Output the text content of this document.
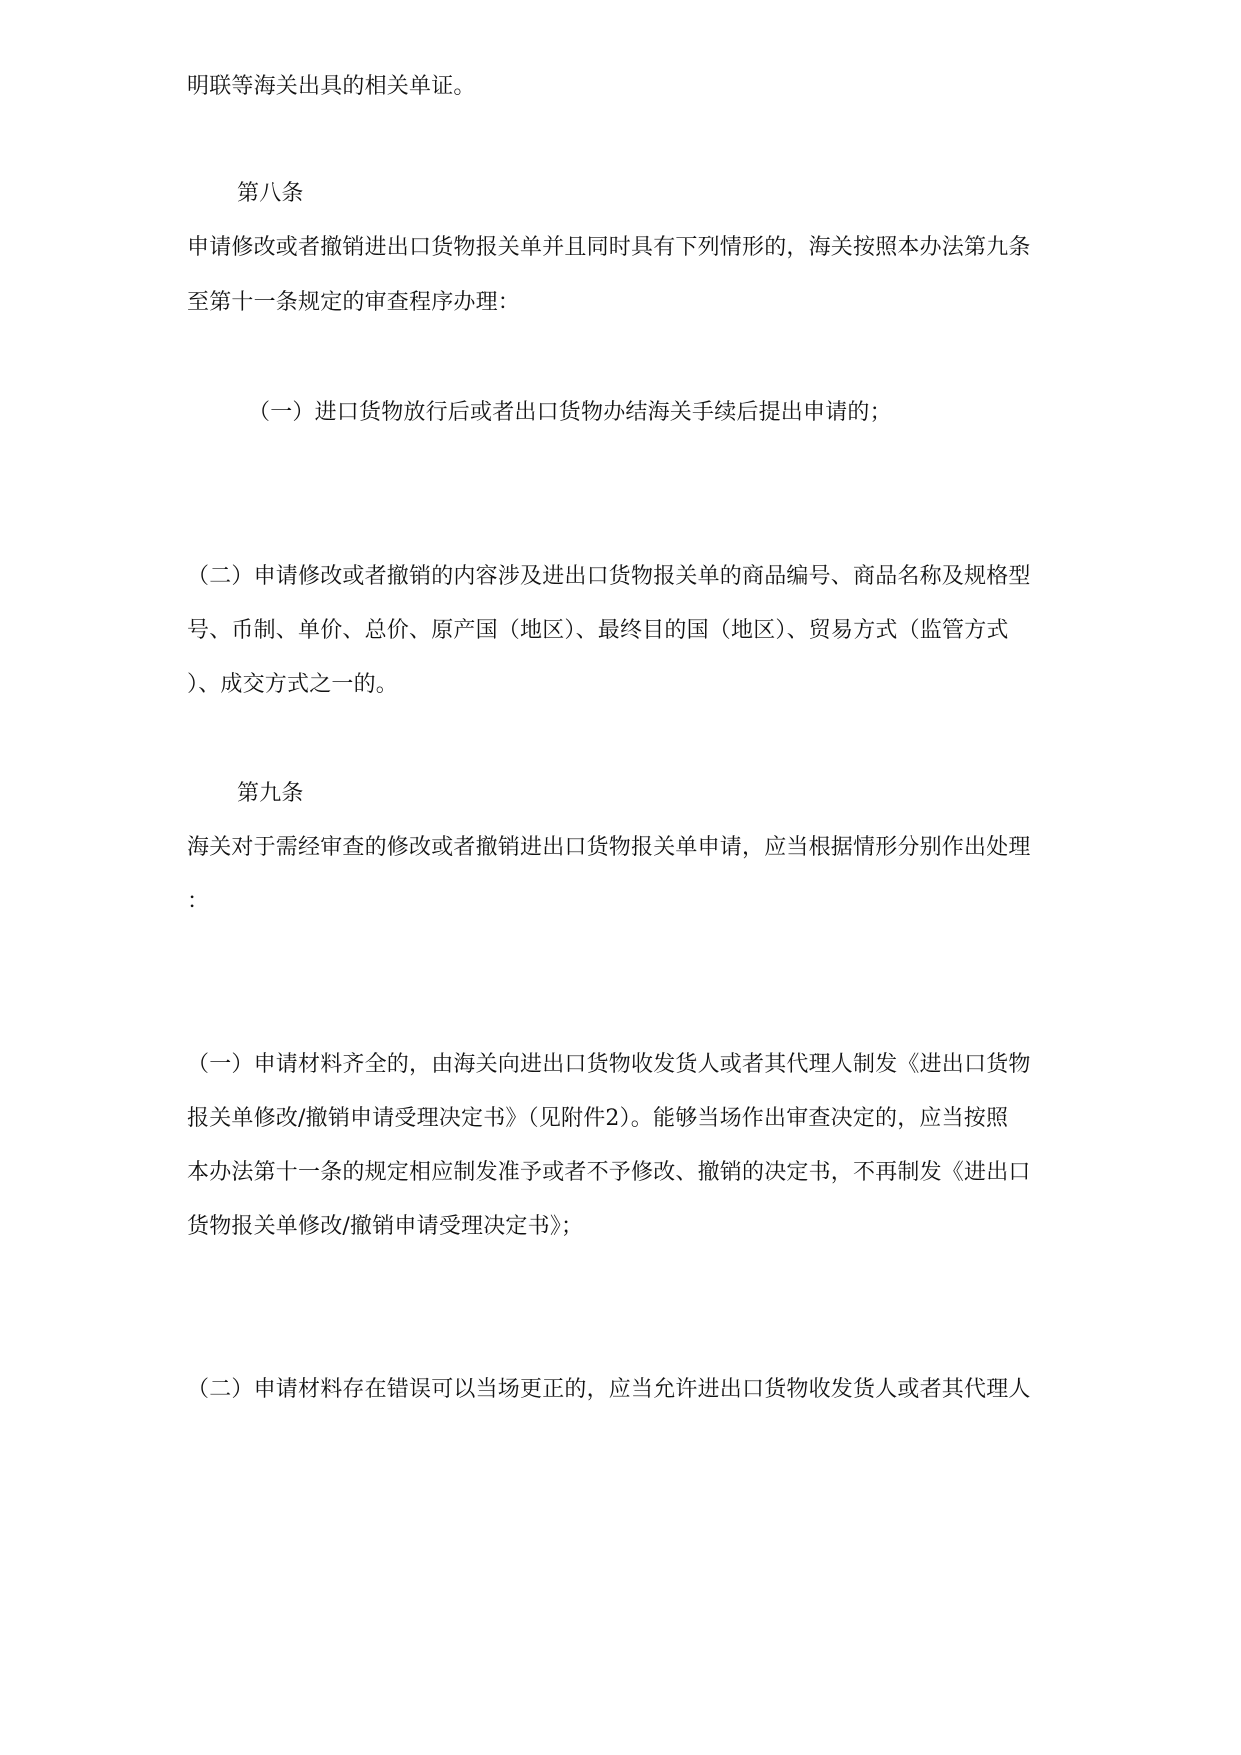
明联等海关出具的相关单证。
第八条
申请修改或者撤销进出口货物报关单并且同时具有下列情形的，海关按照本办法第九条
至第十一条规定的审查程序办理：
（一）进口货物放行后或者出口货物办结海关手续后提出申请的；
（二）申请修改或者撤销的内容涉及进出口货物报关单的商品编号、商品名称及规格型
号、币制、单价、总价、原产国（地区）、最终目的国（地区）、贸易方式（监管方式
）、成交方式之一的。
第九条
海关对于需经审查的修改或者撤销进出口货物报关单申请，应当根据情形分别作出处理
：
（一）申请材料齐全的，由海关向进出口货物收发货人或者其代理人制发《进出口货物
报关单修改/撤销申请受理决定书》（见附件2）。能够当场作出审查决定的，应当按照
本办法第十一条的规定相应制发准予或者不予修改、撤销的决定书，不再制发《进出口
货物报关单修改/撤销申请受理决定书》；
（二）申请材料存在错误可以当场更正的，应当允许进出口货物收发货人或者其代理人
